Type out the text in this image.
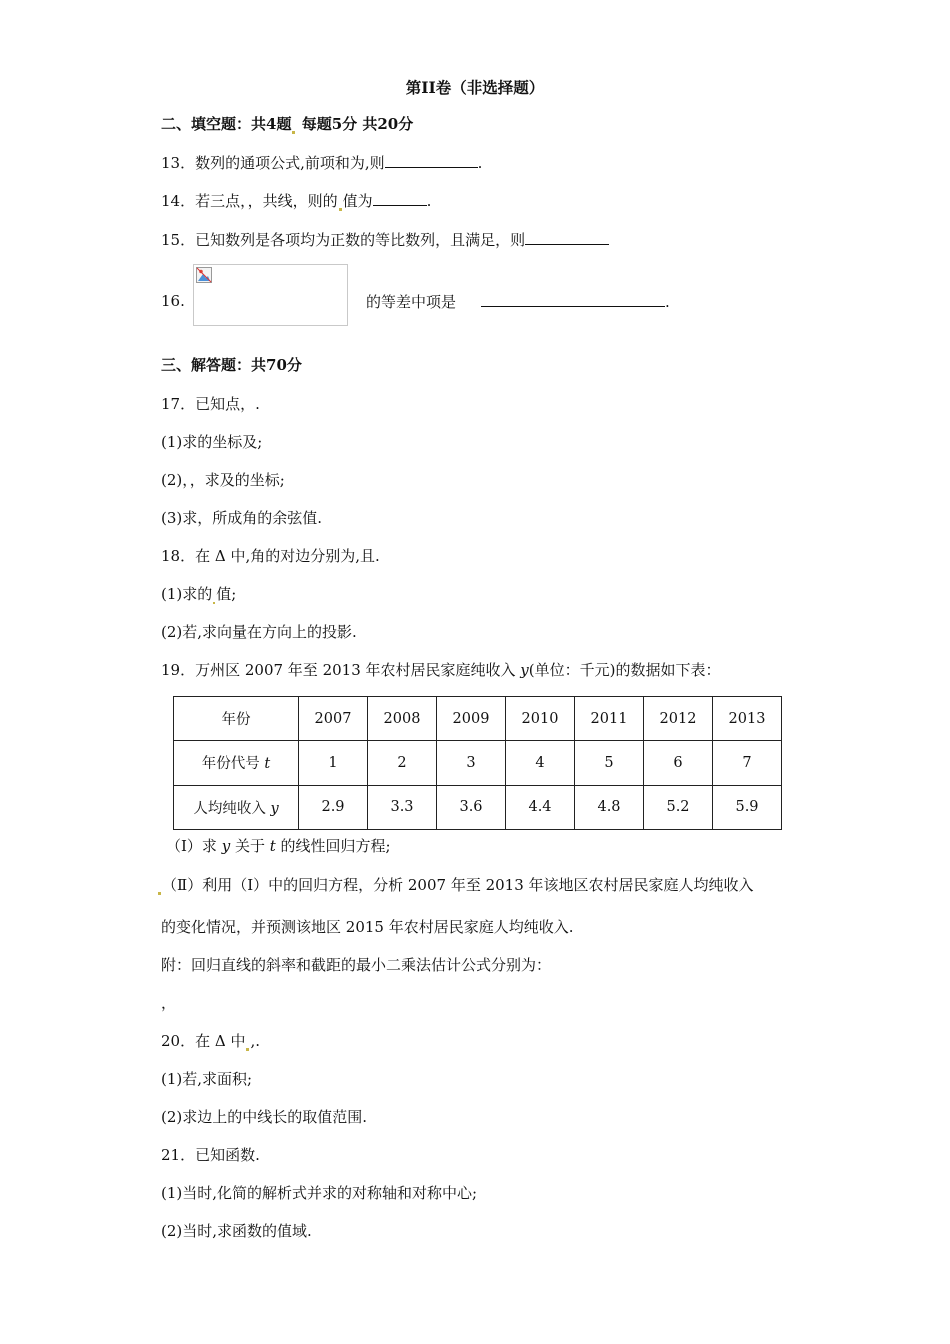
第II卷（非选择题）
二、填空题：共4题 每题5分 共20分
13．数列的通项公式,前项和为,则	.
14．若三点，，共线，则的 值为	.
15．已知数列是各项均为正数的等比数列，且满足，则
16.	的等差中项是	.
三、解答题：共70分
17．已知点，.
(1)求的坐标及;
(2)，，求及的坐标;
(3)求，所成角的余弦值.
18．在 Δ 中,角的对边分别为,且.
(1)求的 值;
(2)若,求向量在方向上的投影.
19．万州区 2007 年至 2013 年农村居民家庭纯收入 y(单位：千元)的数据如下表：
年份	2007	2008	2009	2010	2011	2012	2013
年份代号 t	1	2	3	4	5	6	7
人均纯收入 y	2.9	3.3	3.6	4.4	4.8	5.2	5.9
（Ⅰ）求 y 关于 t 的线性回归方程;
（Ⅱ）利用（Ⅰ）中的回归方程，分析 2007 年至 2013 年该地区农村居民家庭人均纯收入
的变化情况，并预测该地区 2015 年农村居民家庭人均纯收入.
附：回归直线的斜率和截距的最小二乘法估计公式分别为：
，
20．在 Δ 中 ,.
(1)若,求面积;
(2)求边上的中线长的取值范围.
21．已知函数.
(1)当时,化简的解析式并求的对称轴和对称中心;
(2)当时,求函数的值域.
